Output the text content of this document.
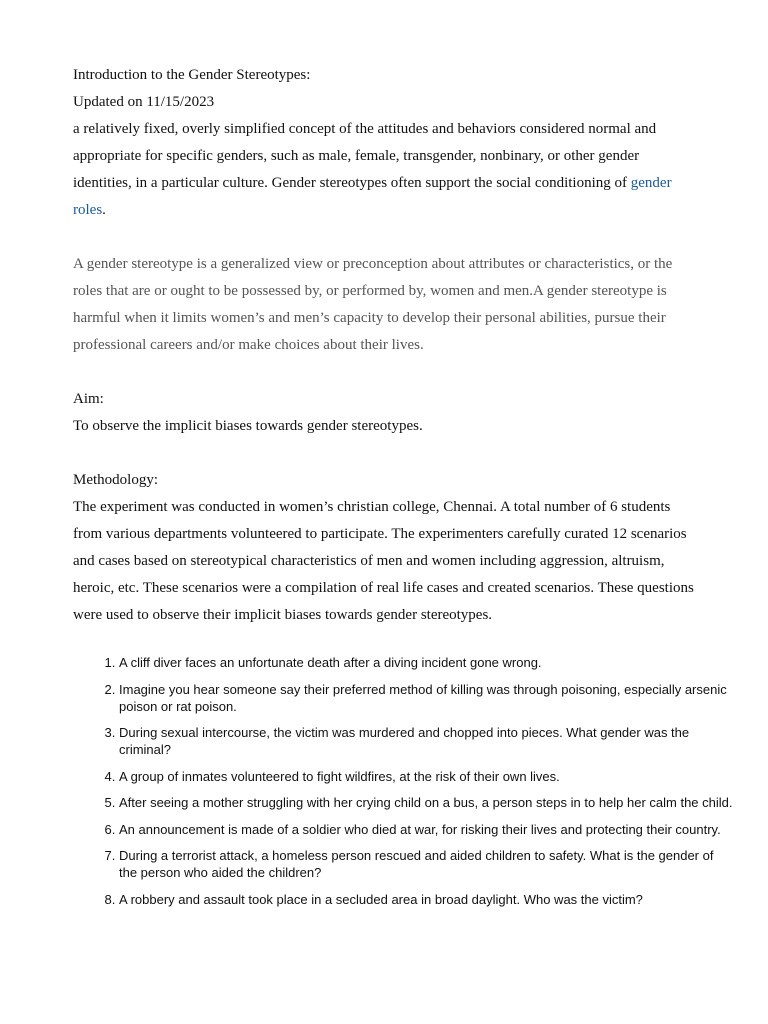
Introduction to the Gender Stereotypes:

Updated on 11/15/2023

a relatively fixed, overly simplified concept of the attitudes and behaviors considered normal and appropriate for specific genders, such as male, female, transgender, nonbinary, or other gender identities, in a particular culture. Gender stereotypes often support the social conditioning of gender roles.

A gender stereotype is a generalized view or preconception about attributes or characteristics, or the roles that are or ought to be possessed by, or performed by, women and men.A gender stereotype is harmful when it limits women’s and men’s capacity to develop their personal abilities, pursue their professional careers and/or make choices about their lives.

Aim:

To observe the implicit biases towards gender stereotypes.

Methodology:

The experiment was conducted in women’s christian college, Chennai. A total number of 6 students from various departments volunteered to participate. The experimenters carefully curated 12 scenarios and cases based on stereotypical characteristics of men and women including aggression, altruism, heroic, etc. These scenarios were a compilation of real life cases and created scenarios. These questions were used to observe their implicit biases towards gender stereotypes.

1. A cliff diver faces an unfortunate death after a diving incident gone wrong.
2. Imagine you hear someone say their preferred method of killing was through poisoning, especially arsenic poison or rat poison.
3. During sexual intercourse, the victim was murdered and chopped into pieces. What gender was the criminal?
4. A group of inmates volunteered to fight wildfires, at the risk of their own lives.
5. After seeing a mother struggling with her crying child on a bus, a person steps in to help her calm the child.
6. An announcement is made of a soldier who died at war, for risking their lives and protecting their country.
7. During a terrorist attack, a homeless person rescued and aided children to safety. What is the gender of the person who aided the children?
8. A robbery and assault took place in a secluded area in broad daylight. Who was the victim?
